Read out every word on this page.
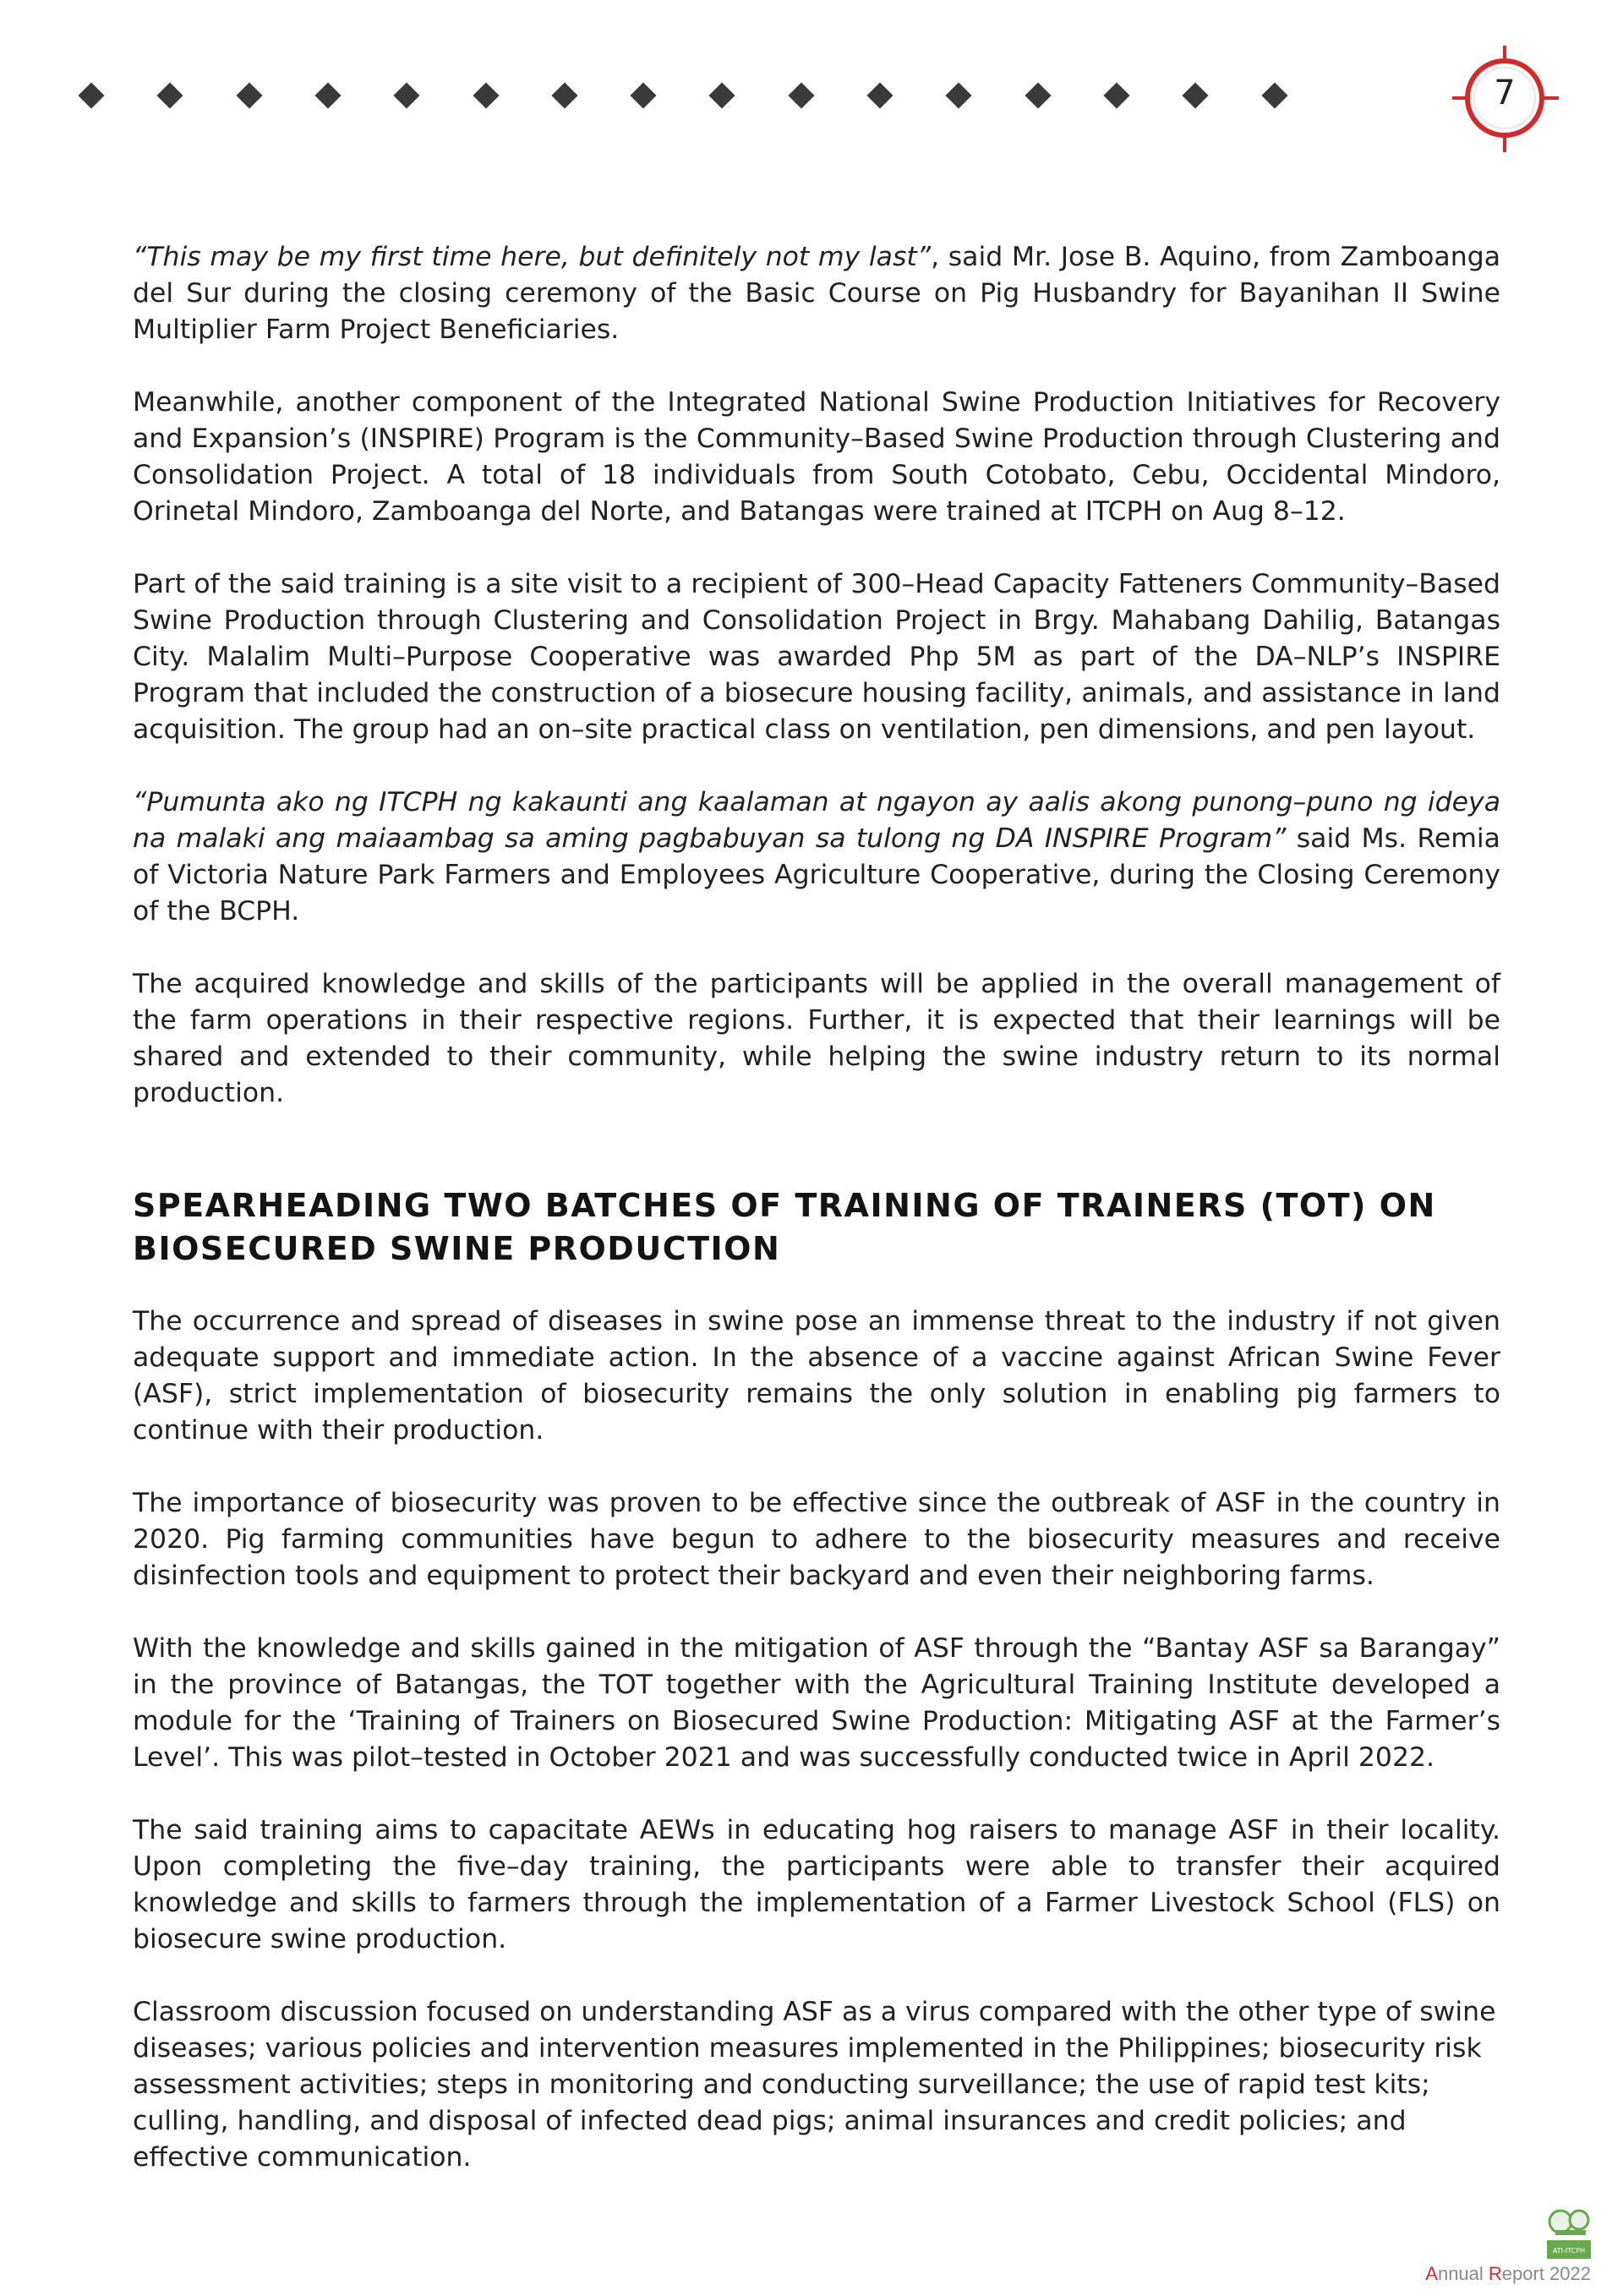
7

“This may be my first time here, but definitely not my last”, said Mr. Jose B. Aquino, from Zamboanga del Sur during the closing ceremony of the Basic Course on Pig Husbandry for Bayanihan II Swine Multiplier Farm Project Beneficiaries.

Meanwhile, another component of the Integrated National Swine Production Initiatives for Recovery and Expansion’s (INSPIRE) Program is the Community–Based Swine Production through Clustering and Consolidation Project. A total of 18 individuals from South Cotobato, Cebu, Occidental Mindoro, Orinetal Mindoro, Zamboanga del Norte, and Batangas were trained at ITCPH on Aug 8–12.

Part of the said training is a site visit to a recipient of 300–Head Capacity Fatteners Community–Based Swine Production through Clustering and Consolidation Project in Brgy. Mahabang Dahilig, Batangas City. Malalim Multi–Purpose Cooperative was awarded Php 5M as part of the DA–NLP’s INSPIRE Program that included the construction of a biosecure housing facility, animals, and assistance in land acquisition. The group had an on–site practical class on ventilation, pen dimensions, and pen layout.

“Pumunta ako ng ITCPH ng kakaunti ang kaalaman at ngayon ay aalis akong punong–puno ng ideya na malaki ang maiaambag sa aming pagbabuyan sa tulong ng DA INSPIRE Program” said Ms. Remia of Victoria Nature Park Farmers and Employees Agriculture Cooperative, during the Closing Ceremony of the BCPH.

The acquired knowledge and skills of the participants will be applied in the overall management of the farm operations in their respective regions. Further, it is expected that their learnings will be shared and extended to their community, while helping the swine industry return to its normal production.

SPEARHEADING TWO BATCHES OF TRAINING OF TRAINERS (TOT) ON BIOSECURED SWINE PRODUCTION

The occurrence and spread of diseases in swine pose an immense threat to the industry if not given adequate support and immediate action. In the absence of a vaccine against African Swine Fever (ASF), strict implementation of biosecurity remains the only solution in enabling pig farmers to continue with their production.

The importance of biosecurity was proven to be effective since the outbreak of ASF in the country in 2020. Pig farming communities have begun to adhere to the biosecurity measures and receive disinfection tools and equipment to protect their backyard and even their neighboring farms.

With the knowledge and skills gained in the mitigation of ASF through the “Bantay ASF sa Barangay” in the province of Batangas, the TOT together with the Agricultural Training Institute developed a module for the ‘Training of Trainers on Biosecured Swine Production: Mitigating ASF at the Farmer’s Level’. This was pilot–tested in October 2021 and was successfully conducted twice in April 2022.

The said training aims to capacitate AEWs in educating hog raisers to manage ASF in their locality. Upon completing the five–day training, the participants were able to transfer their acquired knowledge and skills to farmers through the implementation of a Farmer Livestock School (FLS) on biosecure swine production.

Classroom discussion focused on understanding ASF as a virus compared with the other type of swine diseases; various policies and intervention measures implemented in the Philippines; biosecurity risk assessment activities; steps in monitoring and conducting surveillance; the use of rapid test kits; culling, handling, and disposal of infected dead pigs; animal insurances and credit policies; and effective communication.

ATI-ITCPH
Annual Report 2022
